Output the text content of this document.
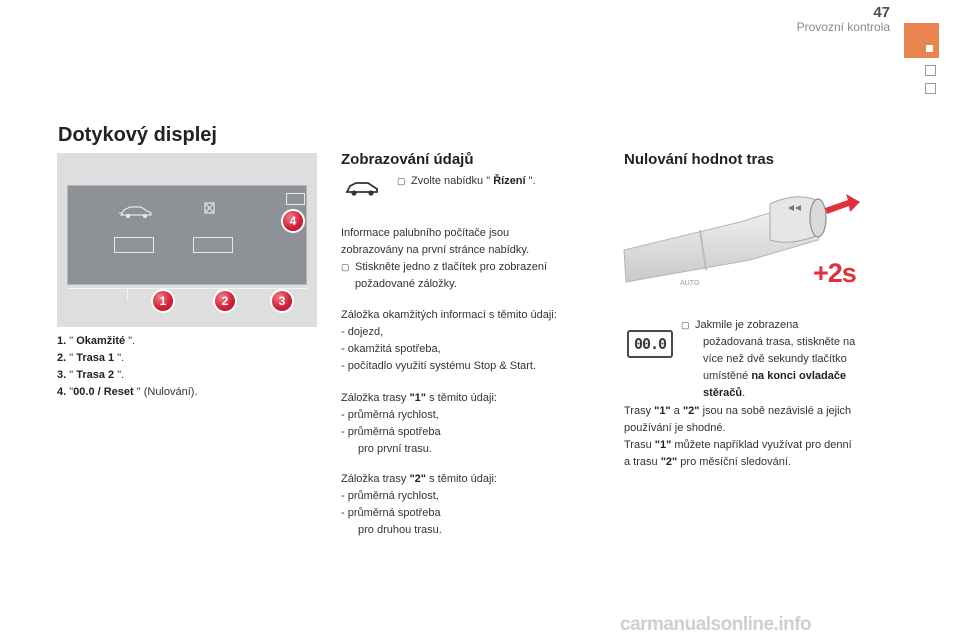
47
Provozní kontrola
Dotykový displej
1	2	3
4
1. " Okamžité ".
2. " Trasa 1 ".
3. " Trasa 2 ".
4. "00.0 / Reset " (Nulování).
Zobrazování údajů
▢ Zvolte nabídku " Řízení ".
Informace palubního počítače jsou
zobrazovány na první stránce nabídky.
▢ Stiskněte jedno z tlačítek pro zobrazení
požadované záložky.
Záložka okamžitých informací s těmito údaji:
- dojezd,
- okamžitá spotřeba,
- počítadlo využití systému Stop & Start.
Záložka trasy "1" s těmito údaji:
- průměrná rychlost,
- průměrná spotřeba
pro první trasu.
Záložka trasy "2" s těmito údaji:
- průměrná rychlost,
- průměrná spotřeba
pro druhou trasu.
Nulování hodnot tras
AUTO	+2s
00.0
▢ Jakmile je zobrazena
požadovaná trasa, stiskněte na
více než dvě sekundy tlačítko
umístěné na konci ovladače
stěračů.
Trasy "1" a "2" jsou na sobě nezávislé a jejich
používání je shodné.
Trasu "1" můžete například využívat pro denní
a trasu "2" pro měsíční sledování.
carmanualsonline.info
